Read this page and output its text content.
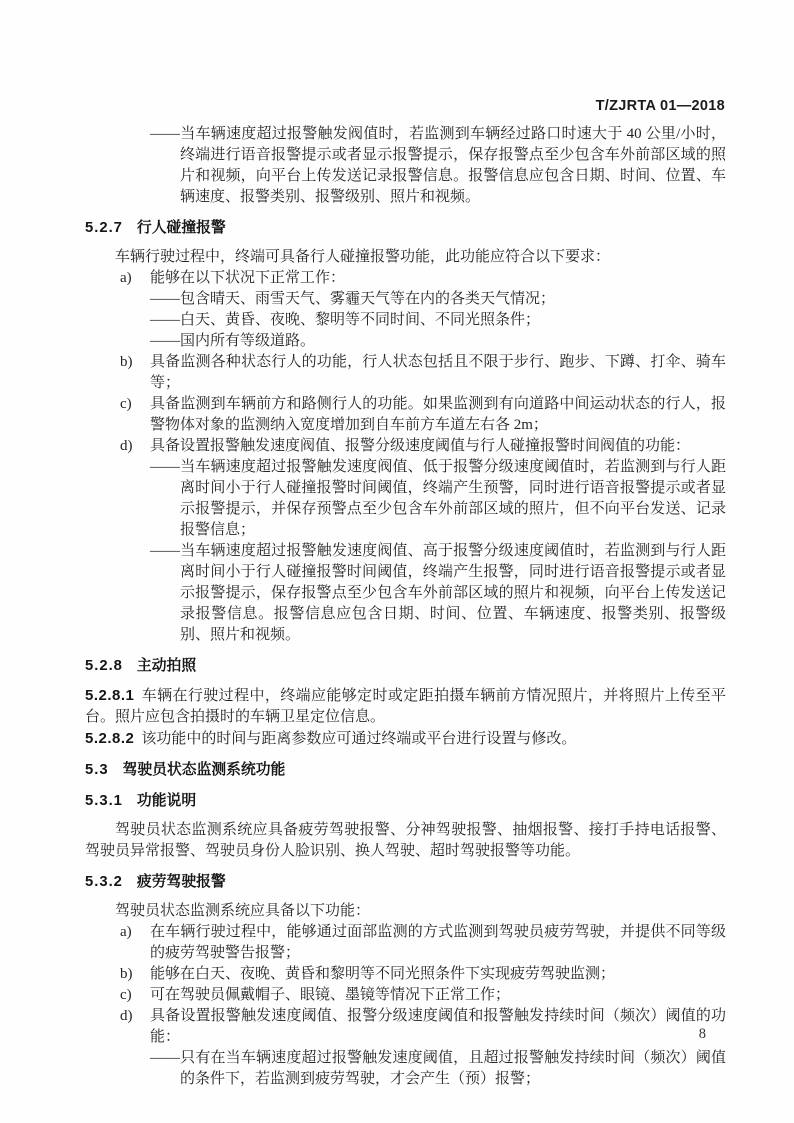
T/ZJRTA 01—2018

——当车辆速度超过报警触发阀值时，若监测到车辆经过路口时速大于 40 公里/小时，终端进行语音报警提示或者显示报警提示，保存报警点至少包含车外前部区域的照片和视频，向平台上传发送记录报警信息。报警信息应包含日期、时间、位置、车辆速度、报警类别、报警级别、照片和视频。

5.2.7 行人碰撞报警

车辆行驶过程中，终端可具备行人碰撞报警功能，此功能应符合以下要求：

a)	能够在以下状况下正常工作：

——包含晴天、雨雪天气、雾霾天气等在内的各类天气情况；

——白天、黄昏、夜晚、黎明等不同时间、不同光照条件；

——国内所有等级道路。

b)	具备监测各种状态行人的功能，行人状态包括且不限于步行、跑步、下蹲、打伞、骑车等；
c)	具备监测到车辆前方和路侧行人的功能。如果监测到有向道路中间运动状态的行人，报警物体对象的监测纳入宽度增加到自车前方车道左右各 2m；
d)	具备设置报警触发速度阀值、报警分级速度阈值与行人碰撞报警时间阀值的功能：

——当车辆速度超过报警触发速度阀值、低于报警分级速度阈值时，若监测到与行人距离时间小于行人碰撞报警时间阈值，终端产生预警，同时进行语音报警提示或者显示报警提示，并保存预警点至少包含车外前部区域的照片，但不向平台发送、记录报警信息；

——当车辆速度超过报警触发速度阀值、高于报警分级速度阈值时，若监测到与行人距离时间小于行人碰撞报警时间阈值，终端产生报警，同时进行语音报警提示或者显示报警提示，保存报警点至少包含车外前部区域的照片和视频，向平台上传发送记录报警信息。报警信息应包含日期、时间、位置、车辆速度、报警类别、报警级别、照片和视频。

5.2.8 主动拍照

5.2.8.1 车辆在行驶过程中，终端应能够定时或定距拍摄车辆前方情况照片，并将照片上传至平台。照片应包含拍摄时的车辆卫星定位信息。

5.2.8.2 该功能中的时间与距离参数应可通过终端或平台进行设置与修改。

5.3 驾驶员状态监测系统功能

5.3.1 功能说明

驾驶员状态监测系统应具备疲劳驾驶报警、分神驾驶报警、抽烟报警、接打手持电话报警、驾驶员异常报警、驾驶员身份人脸识别、换人驾驶、超时驾驶报警等功能。

5.3.2 疲劳驾驶报警

驾驶员状态监测系统应具备以下功能：

a)	在车辆行驶过程中，能够通过面部监测的方式监测到驾驶员疲劳驾驶，并提供不同等级的疲劳驾驶警告报警；
b)	能够在白天、夜晚、黄昏和黎明等不同光照条件下实现疲劳驾驶监测；
c)	可在驾驶员佩戴帽子、眼镜、墨镜等情况下正常工作；
d)	具备设置报警触发速度阈值、报警分级速度阈值和报警触发持续时间（频次）阈值的功能：

——只有在当车辆速度超过报警触发速度阈值，且超过报警触发持续时间（频次）阈值的条件下，若监测到疲劳驾驶，才会产生（预）报警；

8
